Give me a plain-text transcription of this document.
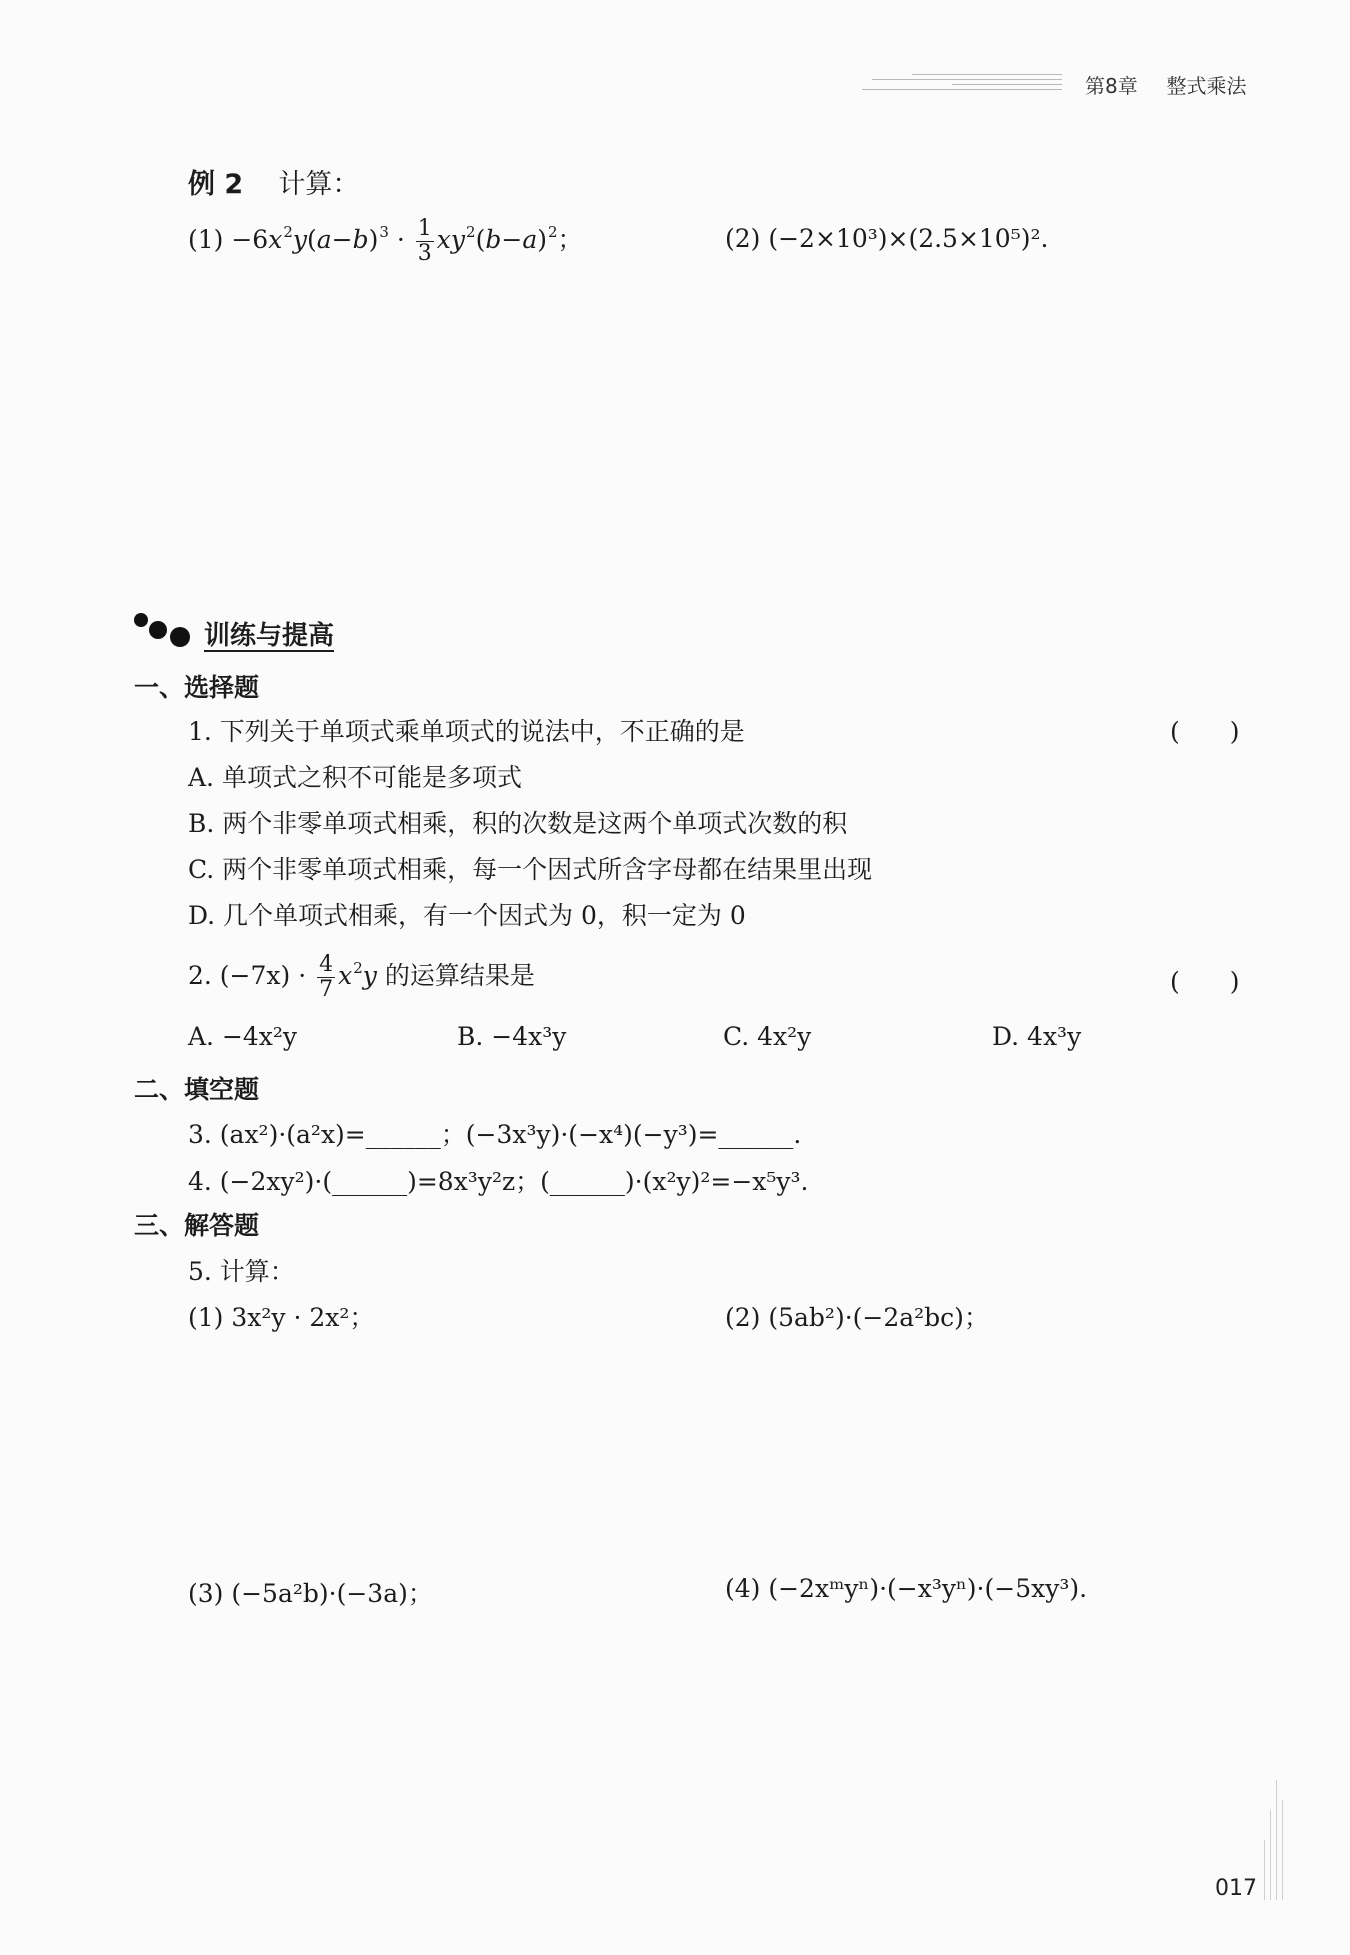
第8章 整式乘法
例 2 计算：
$(1) -6x^2y(a-b)^3 \cdot \frac{1}{3} xy^2(b-a)^2$；	(2) (−2×10³)×(2.5×10⁵)².
训练与提高
一、选择题
1. 下列关于单项式乘单项式的说法中，不正确的是	(　　)
A. 单项式之积不可能是多项式
B. 两个非零单项式相乘，积的次数是这两个单项式次数的积
C. 两个非零单项式相乘，每一个因式所含字母都在结果里出现
D. 几个单项式相乘，有一个因式为 0，积一定为 0
2. $(-7x) \cdot \frac{4}{7} x^2y$ 的运算结果是	(　　)
A. −4x²y	B. −4x³y	C. 4x²y	D. 4x³y
二、填空题
3. (ax²)·(a²x)=______；(−3x³y)·(−x⁴)(−y³)=______.
4. (−2xy²)·(______)=8x³y²z；(______)·(x²y)²=−x⁵y³.
三、解答题
5. 计算：
(1) 3x²y · 2x²；	(2) (5ab²)·(−2a²bc)；
(3) (−5a²b)·(−3a)；	(4) (−2xᵐyⁿ)·(−x³yⁿ)·(−5xy³).
017
